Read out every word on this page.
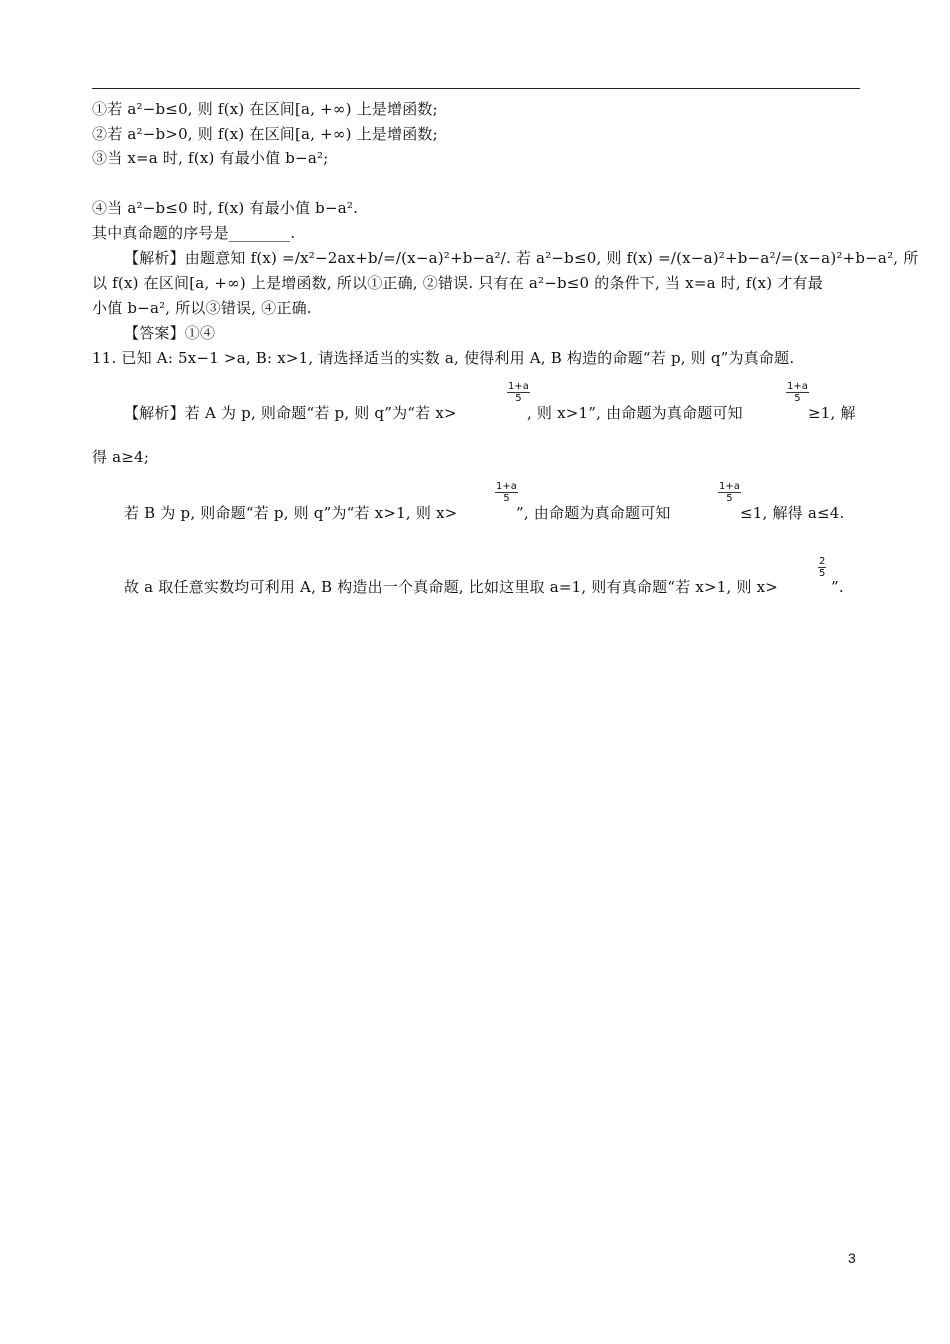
①若 a²−b≤0, 则 f(x) 在区间[a, +∞) 上是增函数;
②若 a²−b>0, 则 f(x) 在区间[a, +∞) 上是增函数;
③当 x=a 时, f(x) 有最小值 b−a²;
④当 a²−b≤0 时, f(x) 有最小值 b−a².
其中真命题的序号是________.
【解析】由题意知 f(x) =/x²−2ax+b/=/(x−a)²+b−a²/. 若 a²−b≤0, 则 f(x) =/(x−a)²+b−a²/=(x−a)²+b−a², 所
以 f(x) 在区间[a, +∞) 上是增函数, 所以①正确, ②错误. 只有在 a²−b≤0 的条件下, 当 x=a 时, f(x) 才有最
小值 b−a², 所以③错误, ④正确.
【答案】①④
11. 已知 A: 5x−1 >a, B: x>1, 请选择适当的实数 a, 使得利用 A, B 构造的命题“若 p, 则 q”为真命题.
【解析】若 A 为 p, 则命题“若 p, 则 q”为“若 x>
$\frac{1+a}{5}$
, 则 x>1”, 由命题为真命题可知
$\frac{1+a}{5}$
≥1, 解
得 a≥4;
若 B 为 p, 则命题“若 p, 则 q”为“若 x>1, 则 x>
$\frac{1+a}{5}$
”, 由命题为真命题可知
$\frac{1+a}{5}$
≤1, 解得 a≤4.
故 a 取任意实数均可利用 A, B 构造出一个真命题, 比如这里取 a=1, 则有真命题“若 x>1, 则 x>
$\frac{2}{5}$
”.
3
